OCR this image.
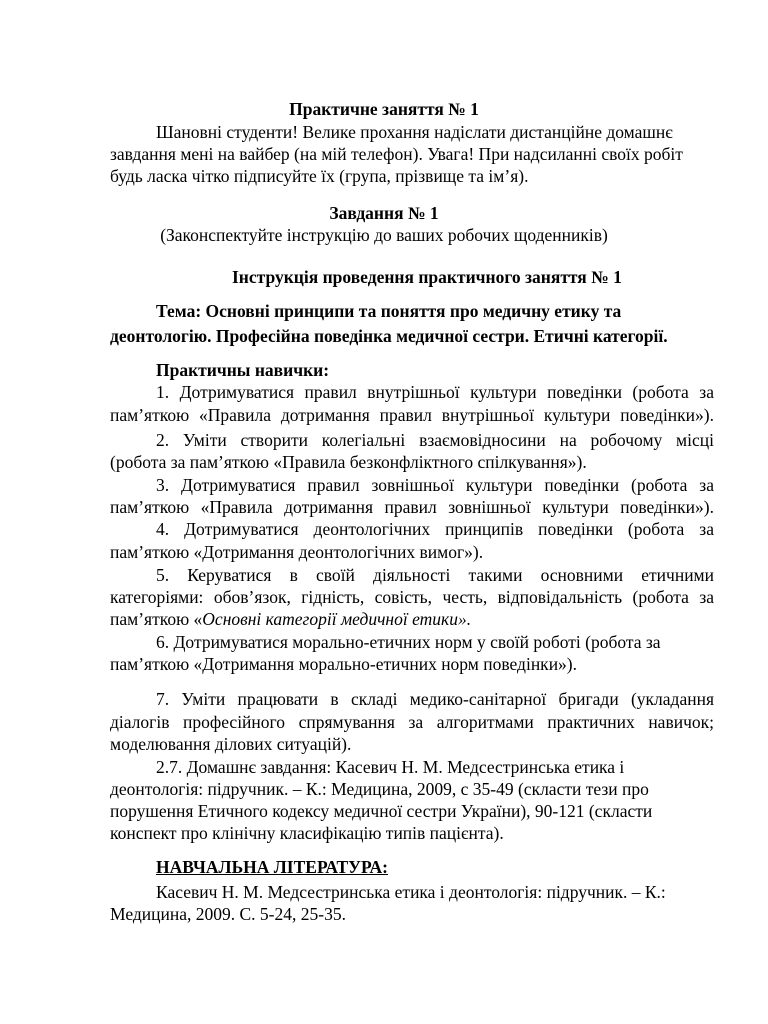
Практичне заняття № 1
Шановні студенти! Велике прохання надіслати дистанційне домашнє
завдання мені на вайбер (на мій телефон). Увага! При надсиланні своїх робіт
будь ласка чітко підписуйте їх (група, прізвище та ім’я).
Завдання № 1
(Законспектуйте інструкцію до ваших робочих щоденників)
Інструкція проведення практичного заняття № 1
Тема: Основні принципи та поняття про медичну етику та
деонтологію. Професійна поведінка медичної сестри. Етичні категорії.
Практичны навички:
1. Дотримуватися правил внутрішньої культури поведінки (робота за
пам’яткою «Правила дотримання правил внутрішньої культури поведінки»).
2. Уміти створити колегіальні взаємовідносини на робочому місці
(робота за пам’яткою «Правила безконфліктного спілкування»).
3. Дотримуватися правил зовнішньої культури поведінки (робота за
пам’яткою «Правила дотримання правил зовнішньої культури поведінки»).
4. Дотримуватися деонтологічних принципів поведінки (робота за
пам’яткою «Дотримання деонтологічних вимог»).
5. Керуватися в своїй діяльності такими основними етичними
категоріями: обов’язок, гідність, совість, честь, відповідальність (робота за
пам’яткою «Основні категорії медичної етики».
6. Дотримуватися морально-етичних норм у своїй роботі (робота за
пам’яткою «Дотримання морально-етичних норм поведінки»).
7. Уміти працювати в складі медико-санітарної бригади (укладання
діалогів професійного спрямування за алгоритмами практичних навичок;
моделювання ділових ситуацій).
2.7. Домашнє завдання: Касевич Н. М. Медсестринська етика і
деонтологія: підручник. – К.: Медицина, 2009, с 35-49 (скласти тези про
порушення Етичного кодексу медичної сестри України), 90-121 (скласти
конспект про клінічну класифікацію типів пацієнта).
НАВЧАЛЬНА ЛІТЕРАТУРА:
Касевич Н. М. Медсестринська етика і деонтологія: підручник. – К.:
Медицина, 2009. С. 5-24, 25-35.
